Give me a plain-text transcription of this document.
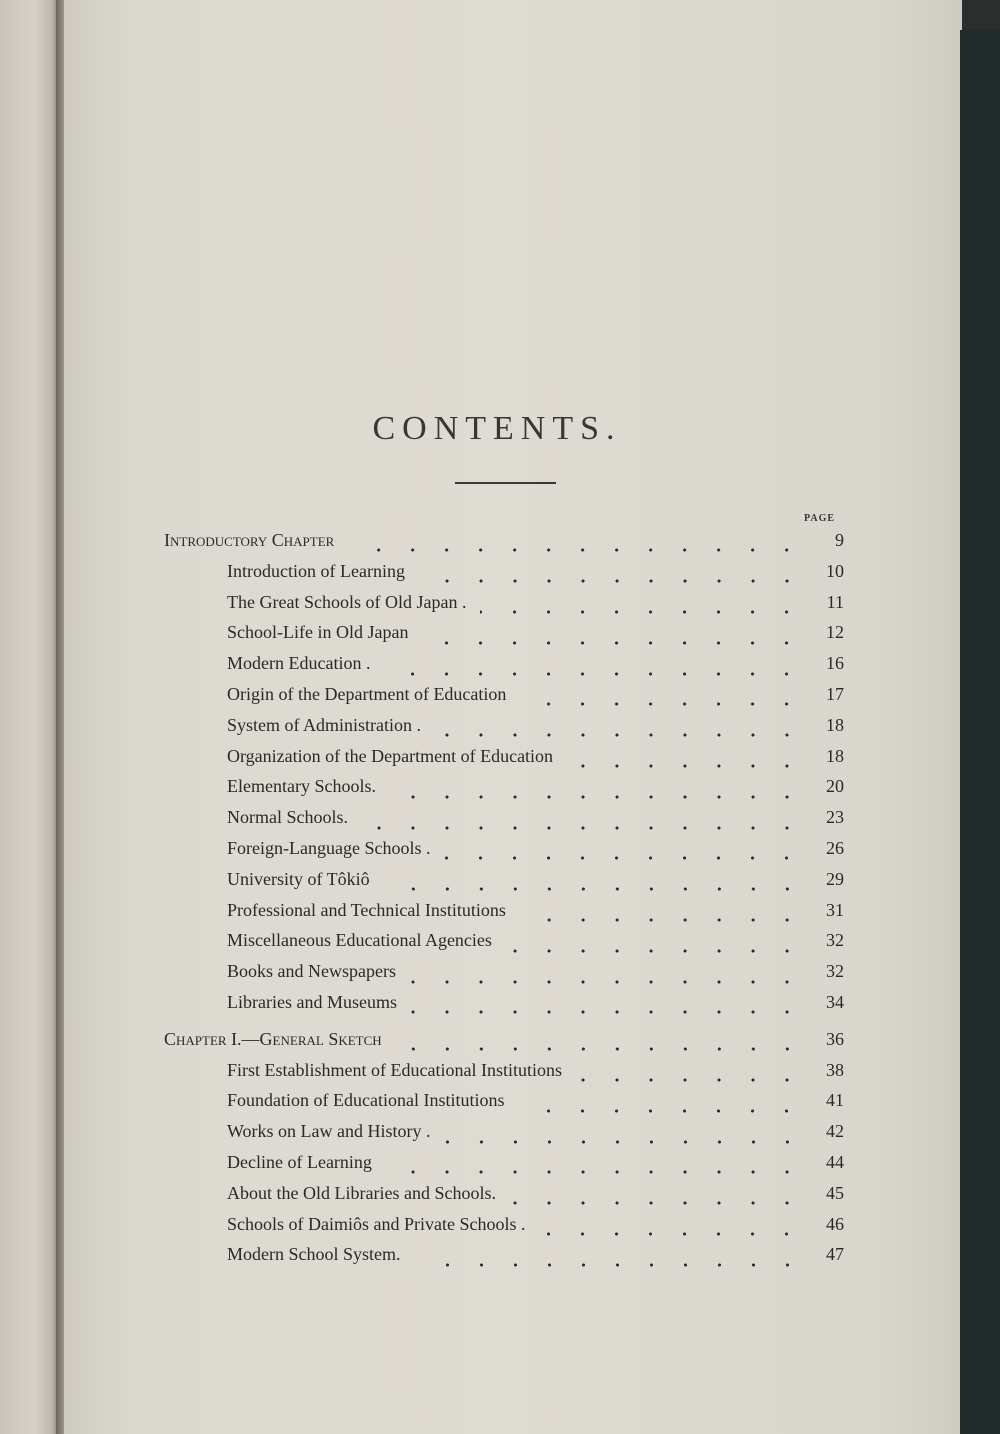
CONTENTS.
PAGE
Introductory Chapter	9
Introduction of Learning	10
The Great Schools of Old Japan .	11
School-Life in Old Japan	12
Modern Education .	16
Origin of the Department of Education	17
System of Administration .	18
Organization of the Department of Education	18
Elementary Schools.	20
Normal Schools.	23
Foreign-Language Schools .	26
University of Tôkiô	29
Professional and Technical Institutions	31
Miscellaneous Educational Agencies	32
Books and Newspapers	32
Libraries and Museums	34
Chapter I.—General Sketch	36
First Establishment of Educational Institutions	38
Foundation of Educational Institutions	41
Works on Law and History .	42
Decline of Learning	44
About the Old Libraries and Schools.	45
Schools of Daimiôs and Private Schools .	46
Modern School System.	47
